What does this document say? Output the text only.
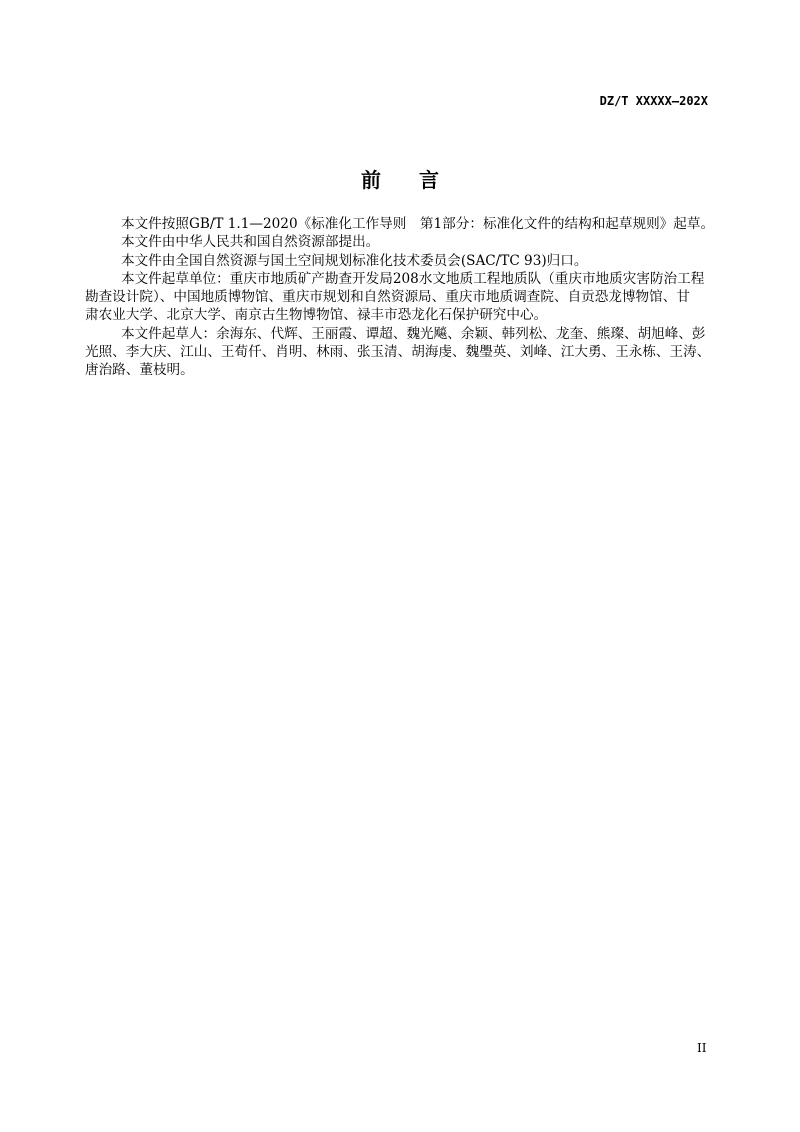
DZ/T XXXXX—202X
前言
本文件按照GB/T 1.1—2020《标准化工作导则　第1部分：标准化文件的结构和起草规则》起草。
本文件由中华人民共和国自然资源部提出。
本文件由全国自然资源与国土空间规划标准化技术委员会(SAC/TC 93)归口。
本文件起草单位：重庆市地质矿产勘查开发局208水文地质工程地质队（重庆市地质灾害防治工程
勘查设计院）、中国地质博物馆、重庆市规划和自然资源局、重庆市地质调查院、自贡恐龙博物馆、甘
肃农业大学、北京大学、南京古生物博物馆、禄丰市恐龙化石保护研究中心。
本文件起草人：余海东、代辉、王丽霞、谭超、魏光飚、余颖、韩列松、龙奎、熊璨、胡旭峰、彭
光照、李大庆、江山、王荀仟、肖明、林雨、张玉清、胡海虔、魏璺英、刘峰、江大勇、王永栋、王涛、
唐治路、董枝明。
II
